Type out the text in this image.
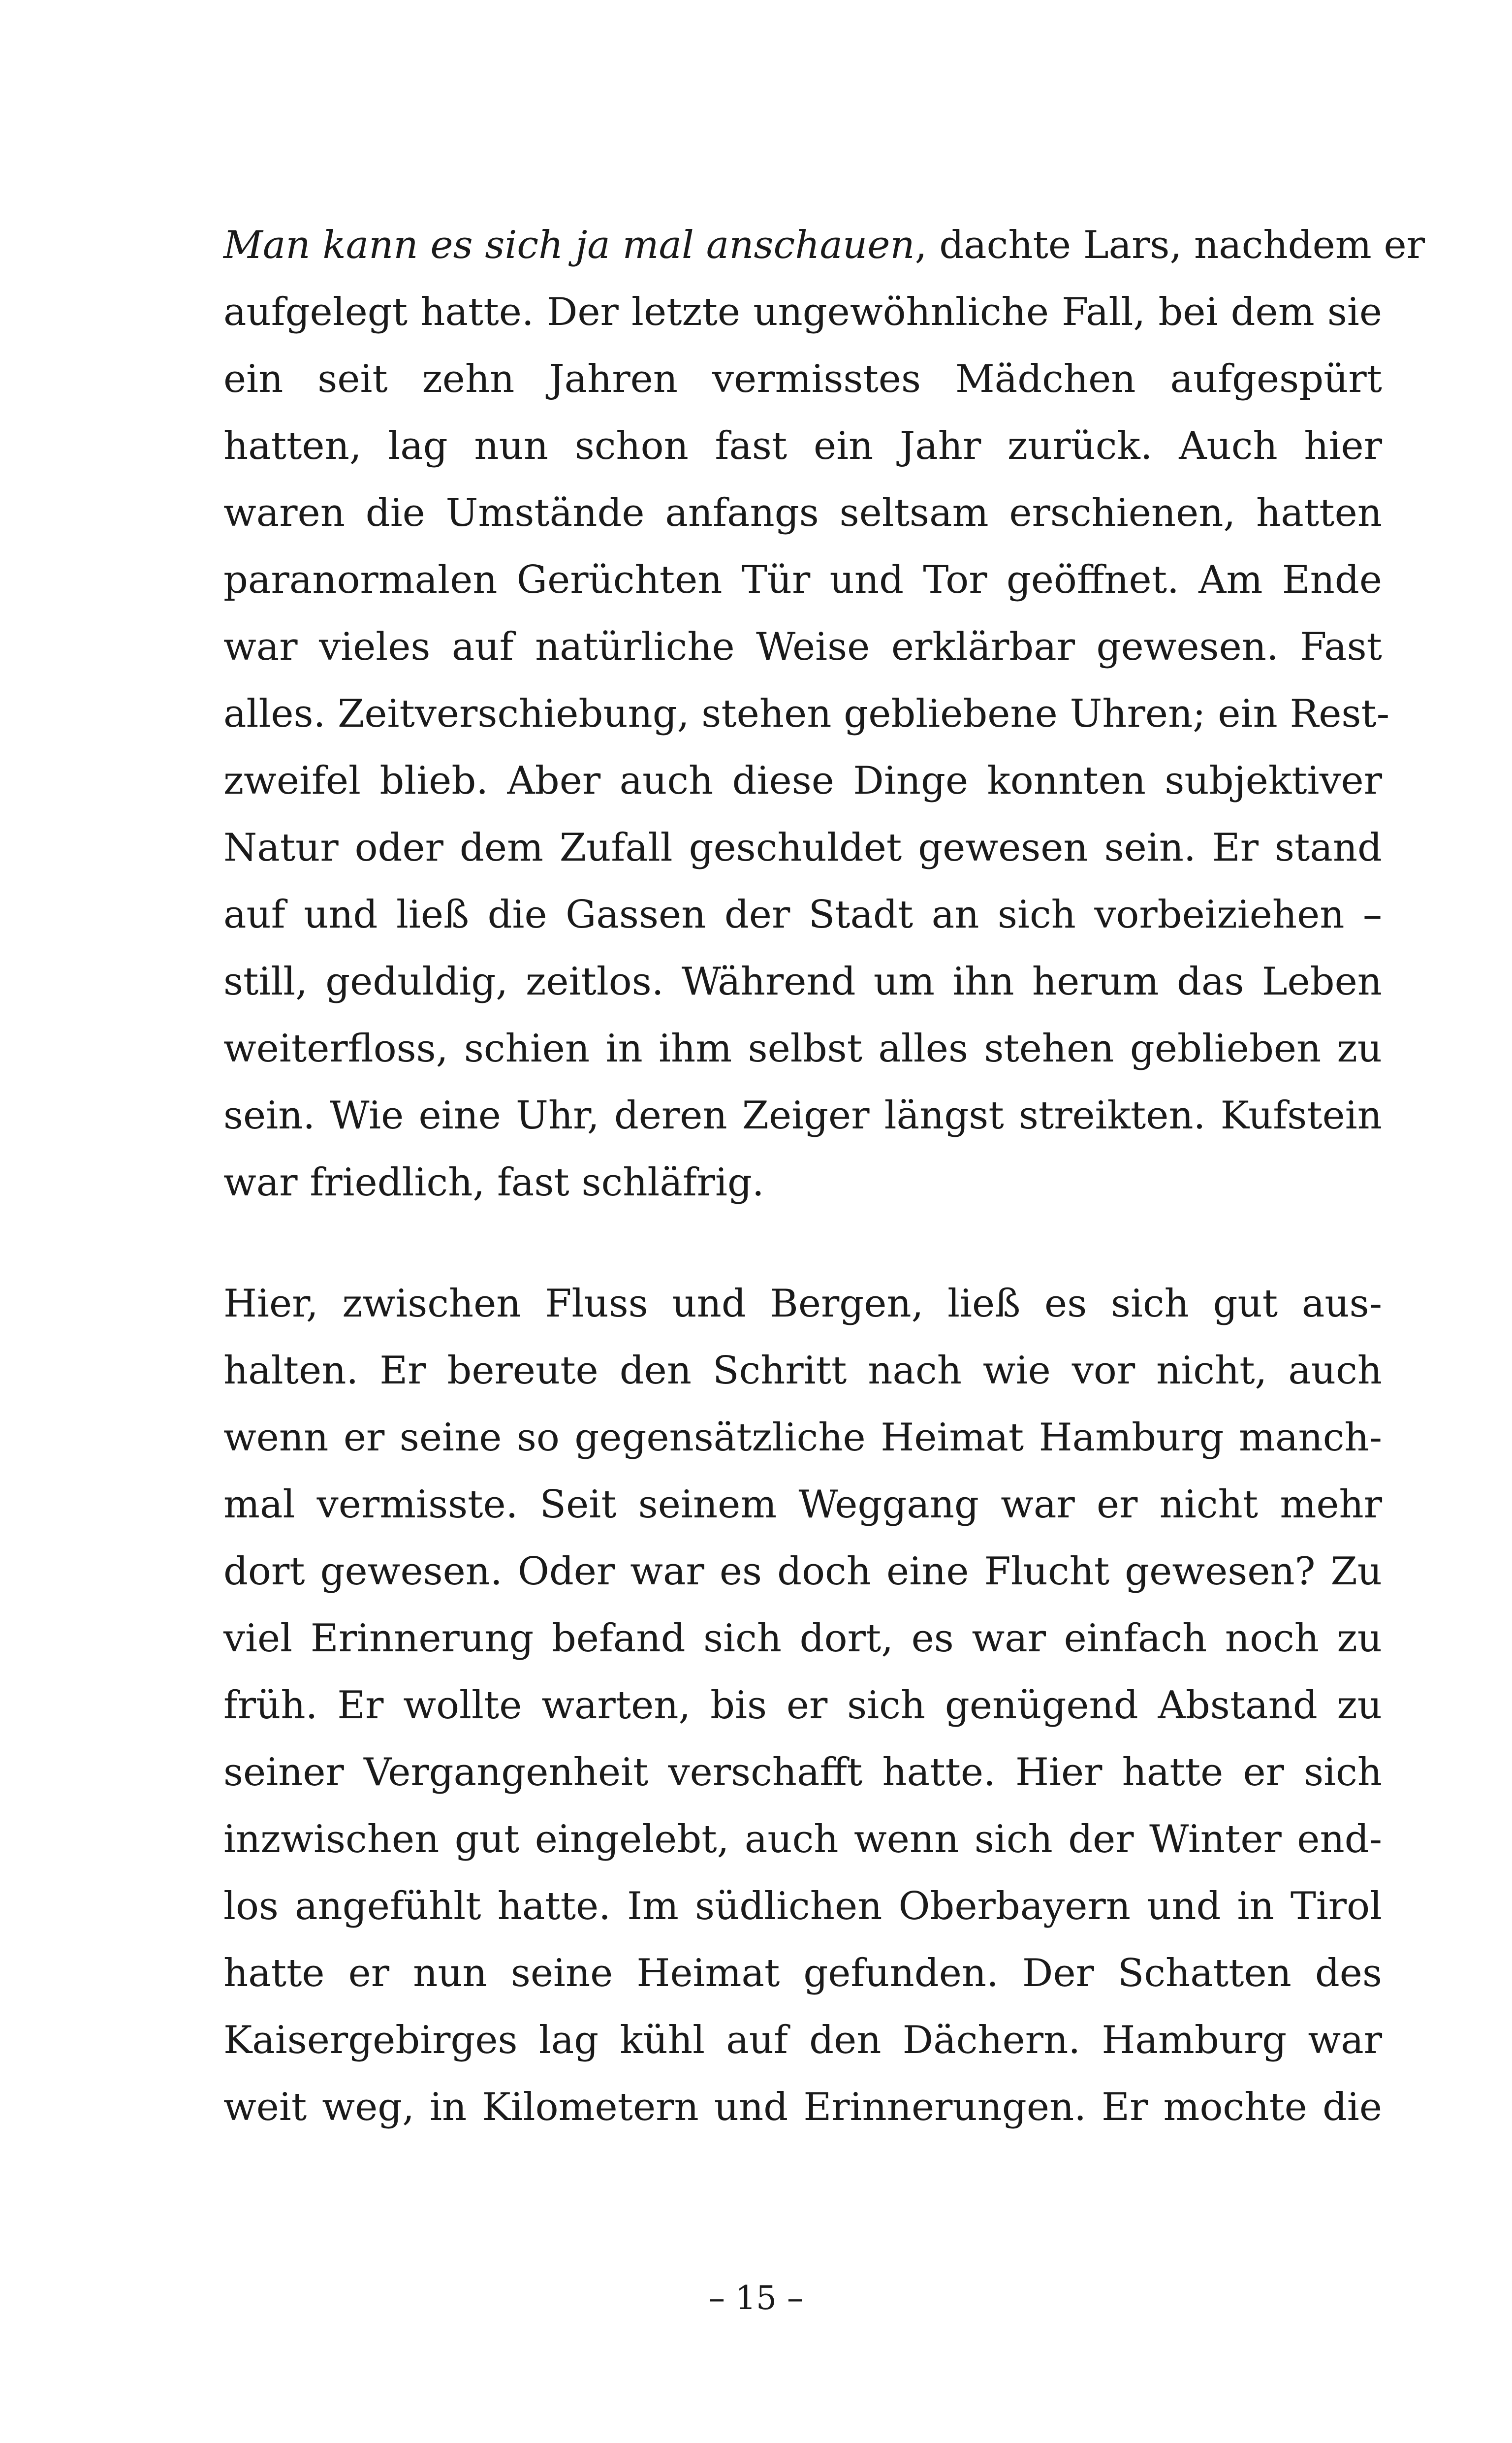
Man kann es sich ja mal anschauen, dachte Lars, nachdem er
aufgelegt hatte. Der letzte ungewöhnliche Fall, bei dem sie
ein seit zehn Jahren vermisstes Mädchen aufgespürt
hatten, lag nun schon fast ein Jahr zurück. Auch hier
waren die Umstände anfangs seltsam erschienen, hatten
paranormalen Gerüchten Tür und Tor geöffnet. Am Ende
war vieles auf natürliche Weise erklärbar gewesen. Fast
alles. Zeitverschiebung, stehen gebliebene Uhren; ein Rest-
zweifel blieb. Aber auch diese Dinge konnten subjektiver
Natur oder dem Zufall geschuldet gewesen sein. Er stand
auf und ließ die Gassen der Stadt an sich vorbeiziehen –
still, geduldig, zeitlos. Während um ihn herum das Leben
weiterfloss, schien in ihm selbst alles stehen geblieben zu
sein. Wie eine Uhr, deren Zeiger längst streikten. Kufstein
war friedlich, fast schläfrig.
Hier, zwischen Fluss und Bergen, ließ es sich gut aus-
halten. Er bereute den Schritt nach wie vor nicht, auch
wenn er seine so gegensätzliche Heimat Hamburg manch-
mal vermisste. Seit seinem Weggang war er nicht mehr
dort gewesen. Oder war es doch eine Flucht gewesen? Zu
viel Erinnerung befand sich dort, es war einfach noch zu
früh. Er wollte warten, bis er sich genügend Abstand zu
seiner Vergangenheit verschafft hatte. Hier hatte er sich
inzwischen gut eingelebt, auch wenn sich der Winter end-
los angefühlt hatte. Im südlichen Oberbayern und in Tirol
hatte er nun seine Heimat gefunden. Der Schatten des
Kaisergebirges lag kühl auf den Dächern. Hamburg war
weit weg, in Kilometern und Erinnerungen. Er mochte die
– 15 –
